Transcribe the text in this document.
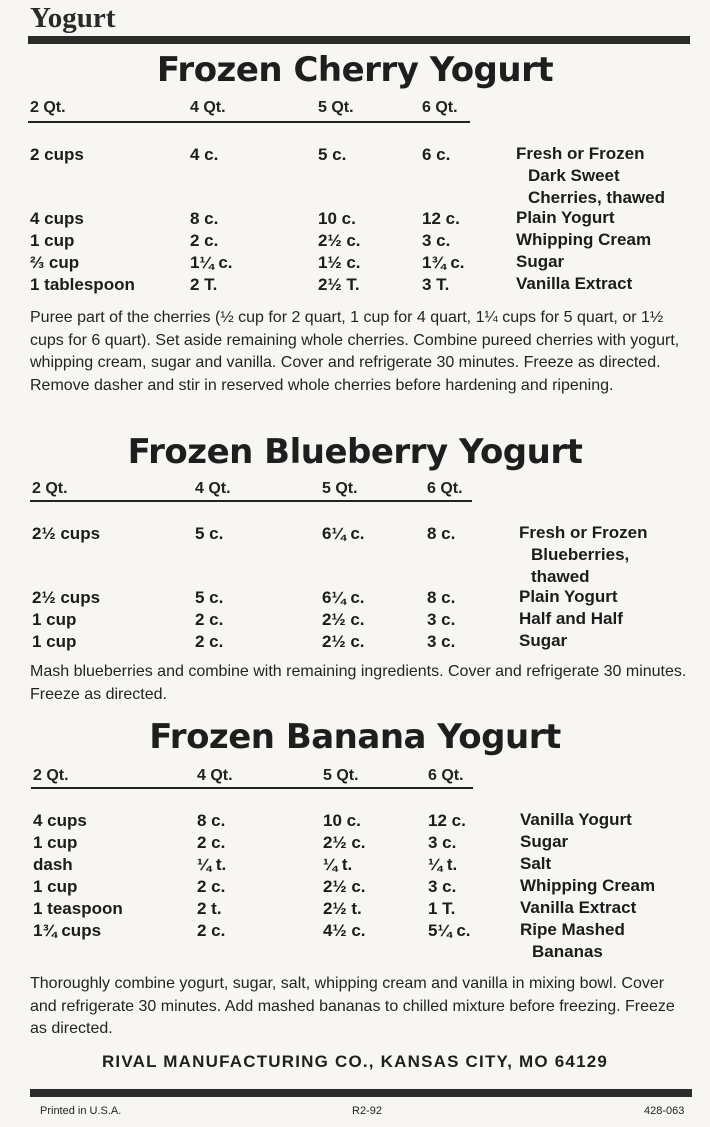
Yogurt
Frozen Cherry Yogurt
2 Qt.	4 Qt.	5 Qt.	6 Qt.
2 cups	4 c.	5 c.	6 c.	Fresh or Frozen
Dark Sweet
Cherries, thawed
4 cups	8 c.	10 c.	12 c.	Plain Yogurt
1 cup	2 c.	2½ c.	3 c.	Whipping Cream
⅔ cup	1¼ c.	1½ c.	1¾ c.	Sugar
1 tablespoon	2 T.	2½ T.	3 T.	Vanilla Extract
Puree part of the cherries (½ cup for 2 quart, 1 cup for 4 quart, 1¼ cups for 5 quart, or 1½ cups for 6 quart). Set aside remaining whole cherries. Combine pureed cherries with yogurt, whipping cream, sugar and vanilla. Cover and refrigerate 30 minutes. Freeze as directed. Remove dasher and stir in reserved whole cherries before hardening and ripening.
Frozen Blueberry Yogurt
2 Qt.	4 Qt.	5 Qt.	6 Qt.
2½ cups	5 c.	6¼ c.	8 c.	Fresh or Frozen
Blueberries,
thawed
2½ cups	5 c.	6¼ c.	8 c.	Plain Yogurt
1 cup	2 c.	2½ c.	3 c.	Half and Half
1 cup	2 c.	2½ c.	3 c.	Sugar
Mash blueberries and combine with remaining ingredients. Cover and refrigerate 30 minutes. Freeze as directed.
Frozen Banana Yogurt
2 Qt.	4 Qt.	5 Qt.	6 Qt.
4 cups	8 c.	10 c.	12 c.	Vanilla Yogurt
1 cup	2 c.	2½ c.	3 c.	Sugar
dash	¼ t.	¼ t.	¼ t.	Salt
1 cup	2 c.	2½ c.	3 c.	Whipping Cream
1 teaspoon	2 t.	2½ t.	1 T.	Vanilla Extract
1¾ cups	2 c.	4½ c.	5¼ c.	Ripe Mashed
Bananas
Thoroughly combine yogurt, sugar, salt, whipping cream and vanilla in mixing bowl. Cover and refrigerate 30 minutes. Add mashed bananas to chilled mixture before freezing. Freeze as directed.
RIVAL MANUFACTURING CO., KANSAS CITY, MO 64129
Printed in U.S.A.	R2-92	428-063
